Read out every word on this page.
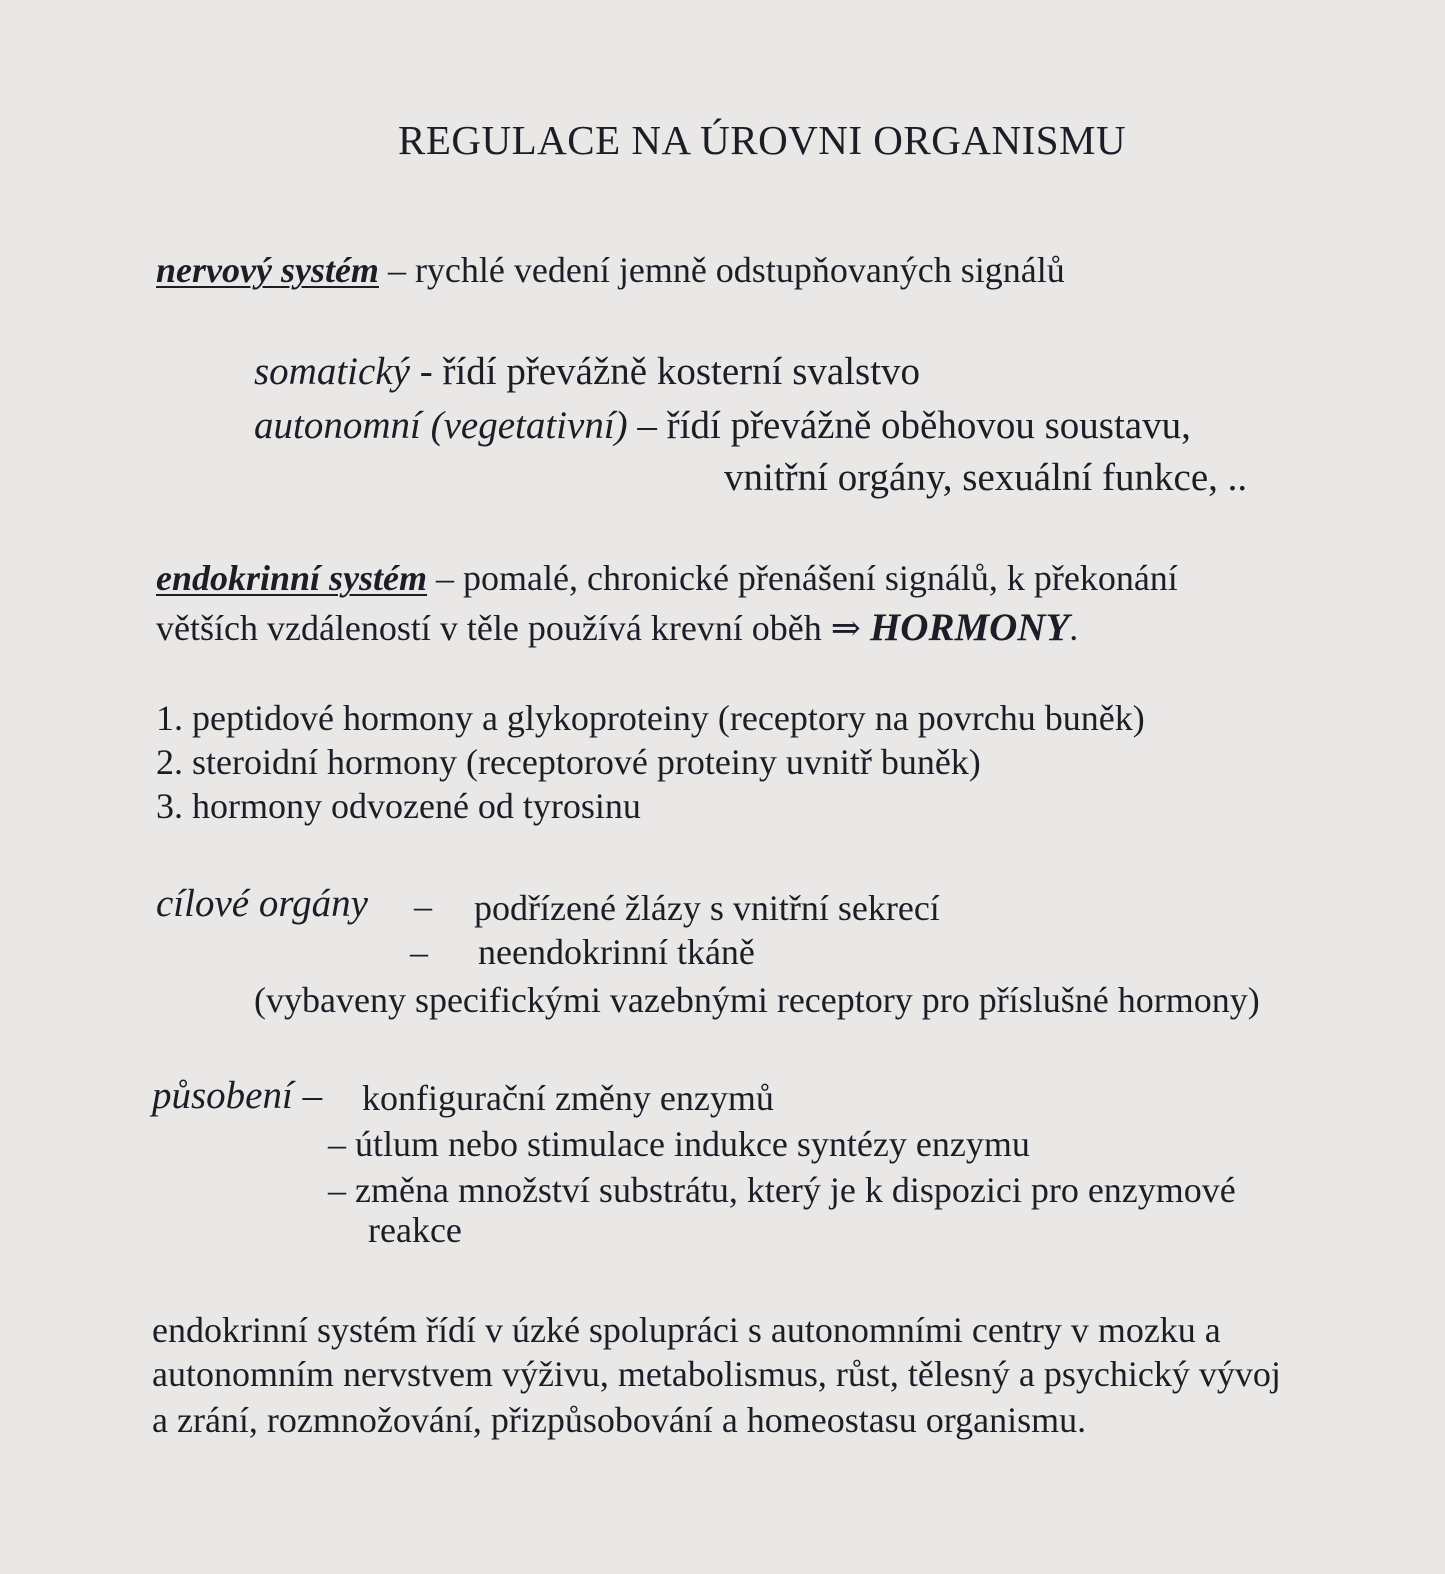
REGULACE NA ÚROVNI ORGANISMU
nervový systém – rychlé vedení jemně odstupňovaných signálů
somatický - řídí převážně kosterní svalstvo
autonomní (vegetativní) – řídí převážně oběhovou soustavu,
vnitřní orgány, sexuální funkce, ..
endokrinní systém – pomalé, chronické přenášení signálů, k překonání
větších vzdáleností v těle používá krevní oběh ⇒ HORMONY.
1. peptidové hormony a glykoproteiny (receptory na povrchu buněk)
2. steroidní hormony (receptorové proteiny uvnitř buněk)
3. hormony odvozené od tyrosinu
cílové orgány – podřízené žlázy s vnitřní sekrecí
– neendokrinní tkáně
(vybaveny specifickými vazebnými receptory pro příslušné hormony)
působení – konfigurační změny enzymů
– útlum nebo stimulace indukce syntézy enzymu
– změna množství substrátu, který je k dispozici pro enzymové
reakce
endokrinní systém řídí v úzké spolupráci s autonomními centry v mozku a
autonomním nervstvem výživu, metabolismus, růst, tělesný a psychický vývoj
a zrání, rozmnožování, přizpůsobování a homeostasu organismu.
